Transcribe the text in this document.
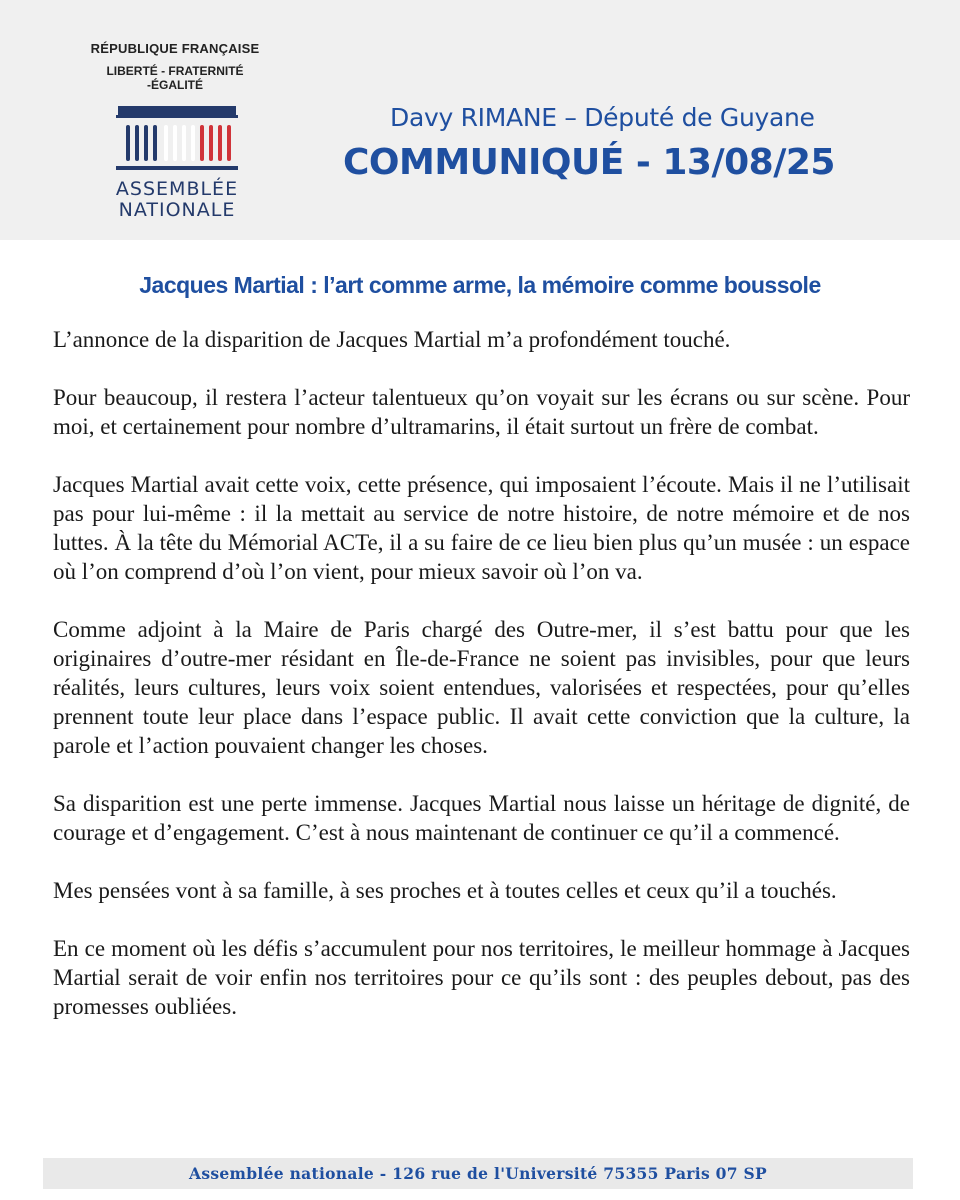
RÉPUBLIQUE FRANÇAISE
LIBERTÉ - FRATERNITÉ -ÉGALITÉ
ASSEMBLÉE
NATIONALE
Davy RIMANE – Député de Guyane
COMMUNIQUÉ - 13/08/25
Jacques Martial : l’art comme arme, la mémoire comme boussole

L’annonce de la disparition de Jacques Martial m’a profondément touché.

Pour beaucoup, il restera l’acteur talentueux qu’on voyait sur les écrans ou sur scène. Pour moi, et certainement pour nombre d’ultramarins, il était surtout un frère de combat.

Jacques Martial avait cette voix, cette présence, qui imposaient l’écoute. Mais il ne l’utilisait pas pour lui-même : il la mettait au service de notre histoire, de notre mémoire et de nos luttes. À la tête du Mémorial ACTe, il a su faire de ce lieu bien plus qu’un musée : un espace où l’on comprend d’où l’on vient, pour mieux savoir où l’on va.

Comme adjoint à la Maire de Paris chargé des Outre-mer, il s’est battu pour que les originaires d’outre-mer résidant en Île-de-France ne soient pas invisibles, pour que leurs réalités, leurs cultures, leurs voix soient entendues, valorisées et respectées, pour qu’elles prennent toute leur place dans l’espace public. Il avait cette conviction que la culture, la parole et l’action pouvaient changer les choses.

Sa disparition est une perte immense. Jacques Martial nous laisse un héritage de dignité, de courage et d’engagement. C’est à nous maintenant de continuer ce qu’il a commencé.

Mes pensées vont à sa famille, à ses proches et à toutes celles et ceux qu’il a touchés.

En ce moment où les défis s’accumulent pour nos territoires, le meilleur hommage à Jacques Martial serait de voir enfin nos territoires pour ce qu’ils sont : des peuples debout, pas des promesses oubliées.

Assemblée nationale - 126 rue de l'Université 75355 Paris 07 SP
